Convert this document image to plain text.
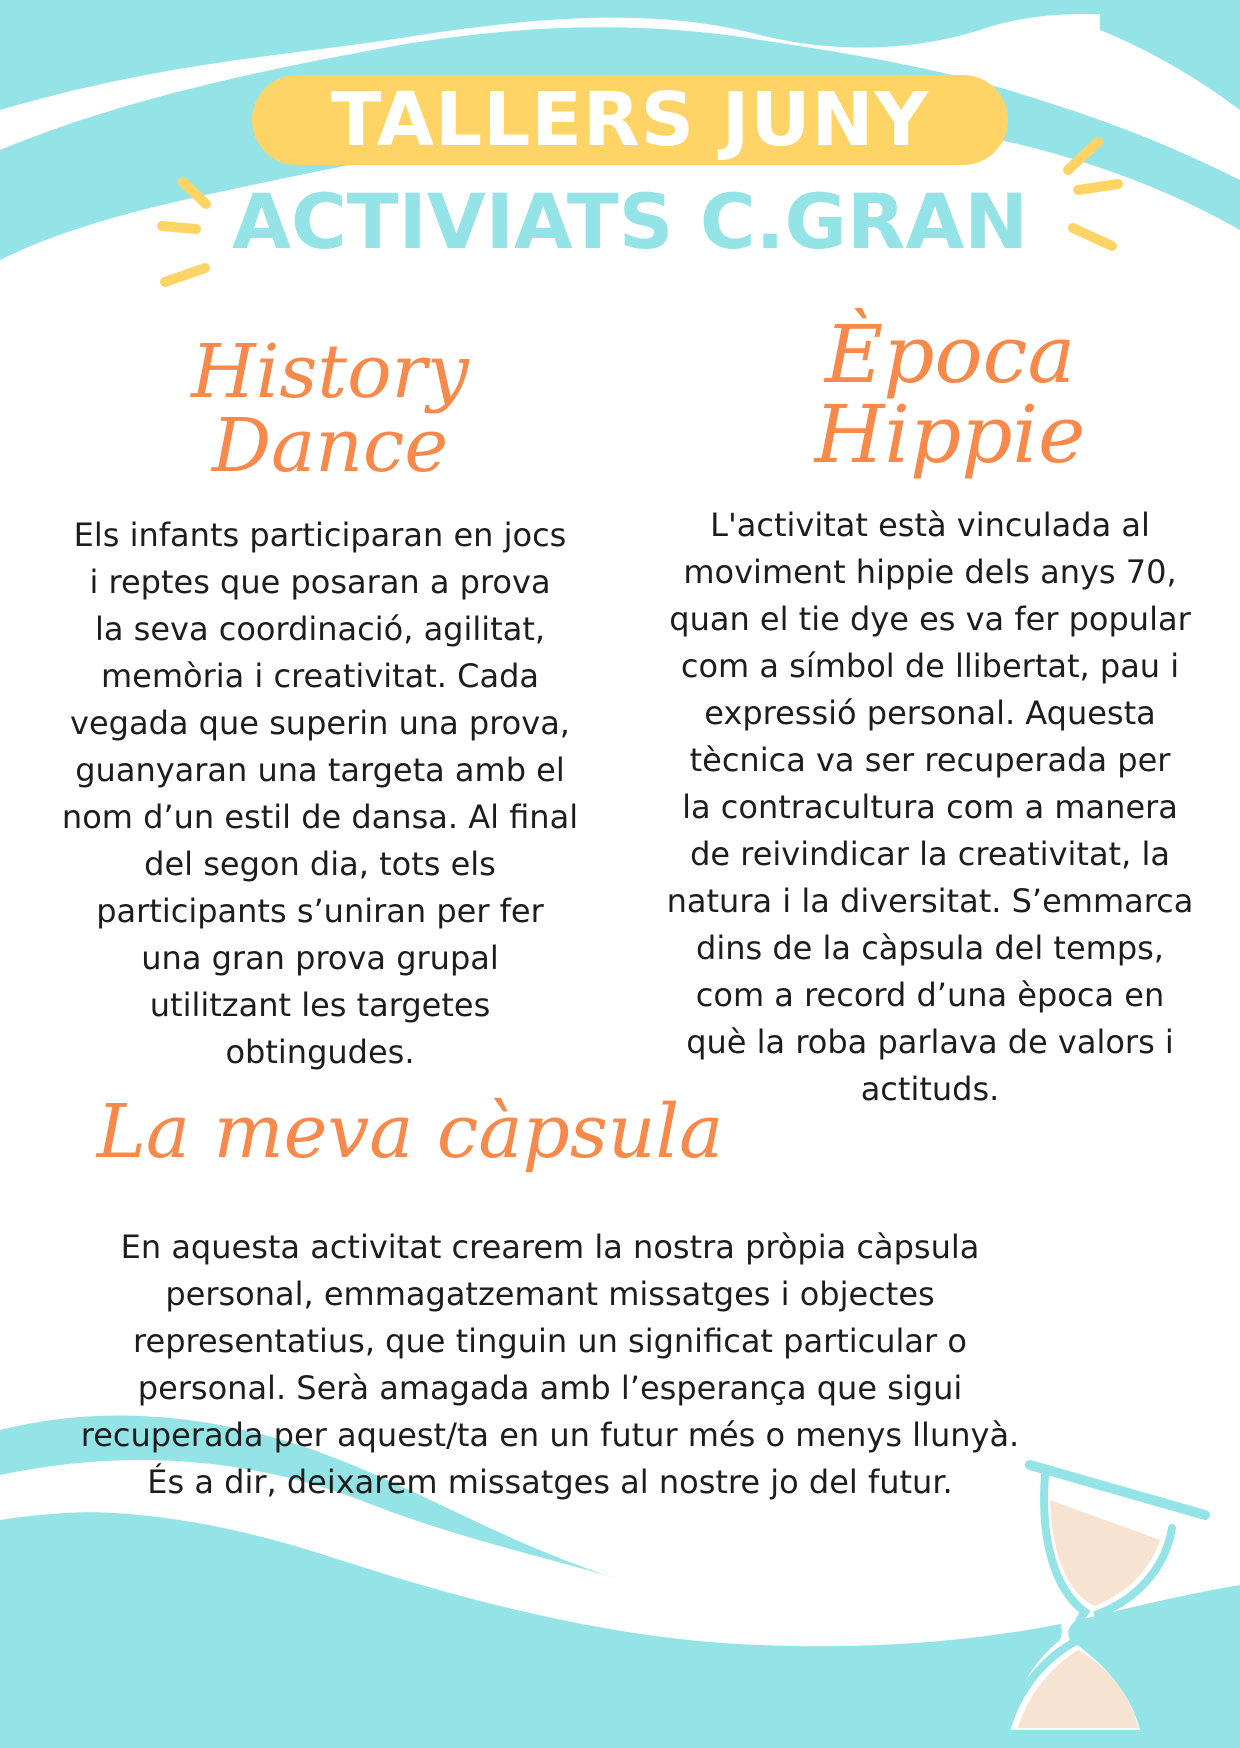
TALLERS JUNY
ACTIVIATS C.GRAN
History
Dance
Els infants participaran en jocs
i reptes que posaran a prova
la seva coordinació, agilitat,
memòria i creativitat. Cada
vegada que superin una prova,
guanyaran una targeta amb el
nom d’un estil de dansa. Al final
del segon dia, tots els
participants s’uniran per fer
una gran prova grupal
utilitzant les targetes
obtingudes.
Època
Hippie
L'activitat està vinculada al
moviment hippie dels anys 70,
quan el tie dye es va fer popular
com a símbol de llibertat, pau i
expressió personal. Aquesta
tècnica va ser recuperada per
la contracultura com a manera
de reivindicar la creativitat, la
natura i la diversitat. S’emmarca
dins de la càpsula del temps,
com a record d’una època en
què la roba parlava de valors i
actituds.
La meva càpsula
En aquesta activitat crearem la nostra pròpia càpsula
personal, emmagatzemant missatges i objectes
representatius, que tinguin un significat particular o
personal. Serà amagada amb l’esperança que sigui
recuperada per aquest/ta en un futur més o menys llunyà.
És a dir, deixarem missatges al nostre jo del futur.
